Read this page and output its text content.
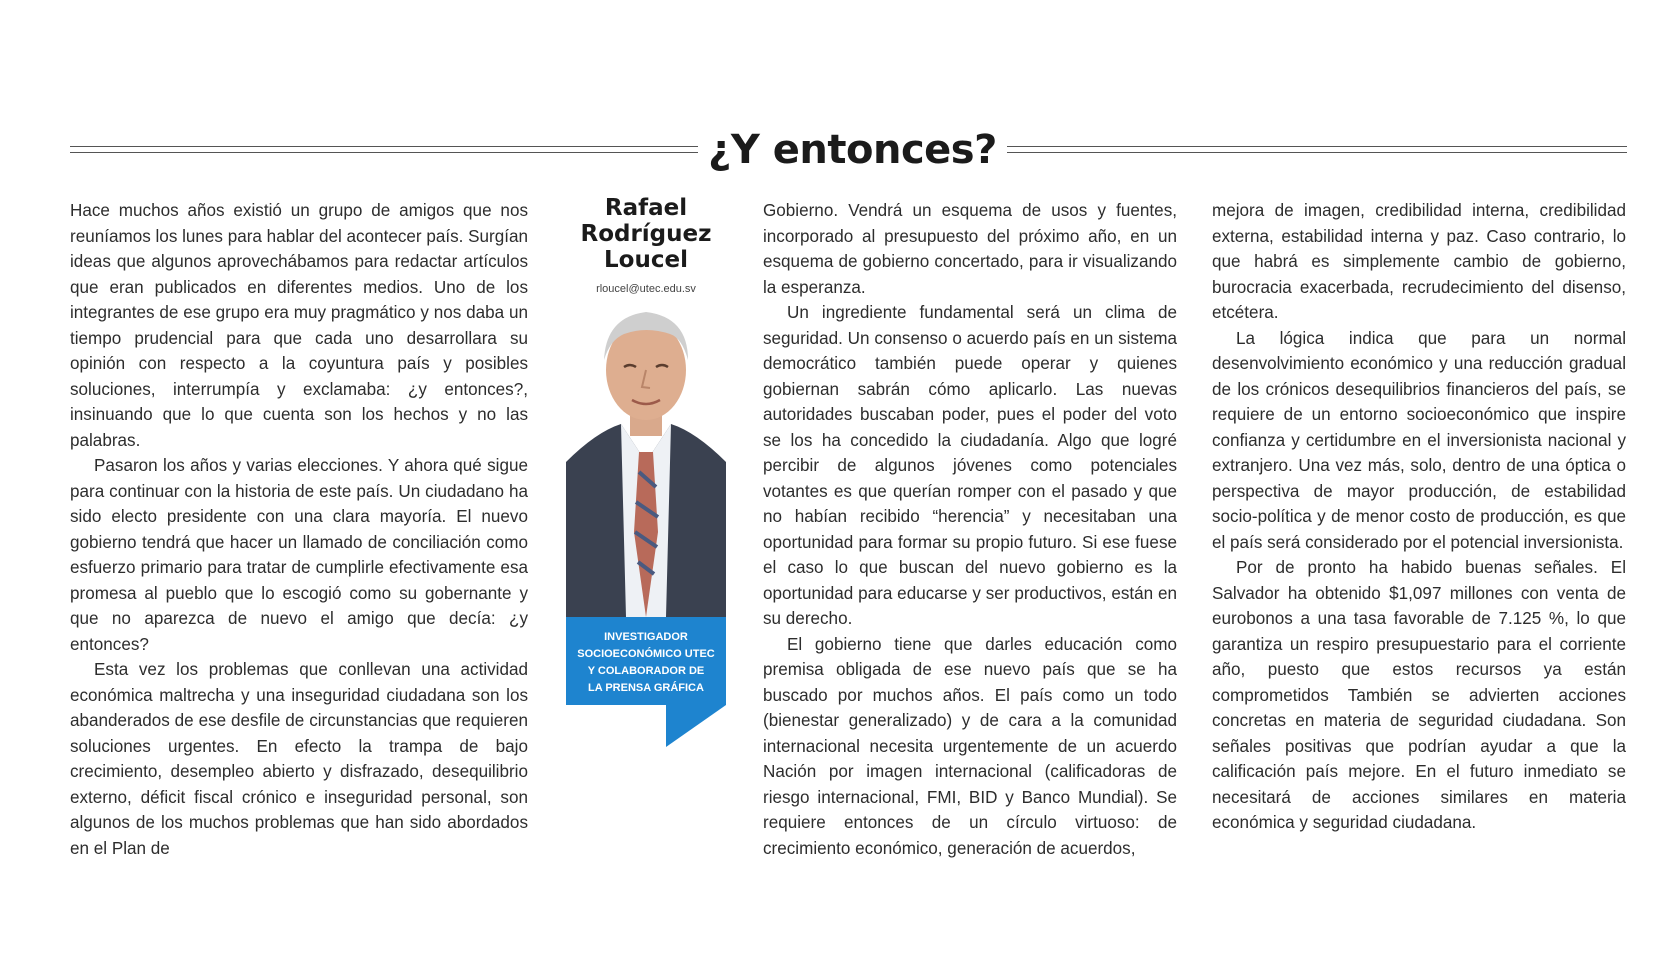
¿Y entonces?

Hace muchos años existió un grupo de amigos que nos reuníamos los lunes para hablar del acontecer país. Surgían ideas que algunos aprovechábamos para redactar artículos que eran publicados en diferentes medios. Uno de los integrantes de ese grupo era muy pragmático y nos daba un tiempo prudencial para que cada uno desarrollara su opinión con respecto a la coyuntura país y posibles soluciones, interrumpía y exclamaba: ¿y entonces?, insinuando que lo que cuenta son los hechos y no las palabras.

Pasaron los años y varias elecciones. Y ahora qué sigue para continuar con la historia de este país. Un ciudadano ha sido electo presidente con una clara mayoría. El nuevo gobierno tendrá que hacer un llamado de conciliación como esfuerzo primario para tratar de cumplirle efectivamente esa promesa al pueblo que lo escogió como su gobernante y que no aparezca de nuevo el amigo que decía: ¿y entonces?

Esta vez los problemas que conllevan una actividad económica maltrecha y una inseguridad ciudadana son los abanderados de ese desfile de circunstancias que requieren soluciones urgentes. En efecto la trampa de bajo crecimiento, desempleo abierto y disfrazado, desequilibrio externo, déficit fiscal crónico e inseguridad personal, son algunos de los muchos problemas que han sido abordados en el Plan de

Rafael
Rodríguez
Loucel
rloucel@utec.edu.sv
INVESTIGADOR
SOCIOECONÓMICO UTEC
Y COLABORADOR DE
LA PRENSA GRÁFICA

Gobierno. Vendrá un esquema de usos y fuentes, incorporado al presupuesto del próximo año, en un esquema de gobierno concertado, para ir visualizando la esperanza.

Un ingrediente fundamental será un clima de seguridad. Un consenso o acuerdo país en un sistema democrático también puede operar y quienes gobiernan sabrán cómo aplicarlo. Las nuevas autoridades buscaban poder, pues el poder del voto se los ha concedido la ciudadanía. Algo que logré percibir de algunos jóvenes como potenciales votantes es que querían romper con el pasado y que no habían recibido “herencia” y necesitaban una oportunidad para formar su propio futuro. Si ese fuese el caso lo que buscan del nuevo gobierno es la oportunidad para educarse y ser productivos, están en su derecho.

El gobierno tiene que darles educación como premisa obligada de ese nuevo país que se ha buscado por muchos años. El país como un todo (bienestar generalizado) y de cara a la comunidad internacional necesita urgentemente de un acuerdo Nación por imagen internacional (calificadoras de riesgo internacional, FMI, BID y Banco Mundial). Se requiere entonces de un círculo virtuoso: de crecimiento económico, generación de acuerdos,

mejora de imagen, credibilidad interna, credibilidad externa, estabilidad interna y paz. Caso contrario, lo que habrá es simplemente cambio de gobierno, burocracia exacerbada, recrudecimiento del disenso, etcétera.

La lógica indica que para un normal desenvolvimiento económico y una reducción gradual de los crónicos desequilibrios financieros del país, se requiere de un entorno socioeconómico que inspire confianza y certidumbre en el inversionista nacional y extranjero. Una vez más, solo, dentro de una óptica o perspectiva de mayor producción, de estabilidad socio-política y de menor costo de producción, es que el país será considerado por el potencial inversionista.

Por de pronto ha habido buenas señales. El Salvador ha obtenido $1,097 millones con venta de eurobonos a una tasa favorable de 7.125 %, lo que garantiza un respiro presupuestario para el corriente año, puesto que estos recursos ya están comprometidos También se advierten acciones concretas en materia de seguridad ciudadana. Son señales positivas que podrían ayudar a que la calificación país mejore. En el futuro inmediato se necesitará de acciones similares en materia económica y seguridad ciudadana.
